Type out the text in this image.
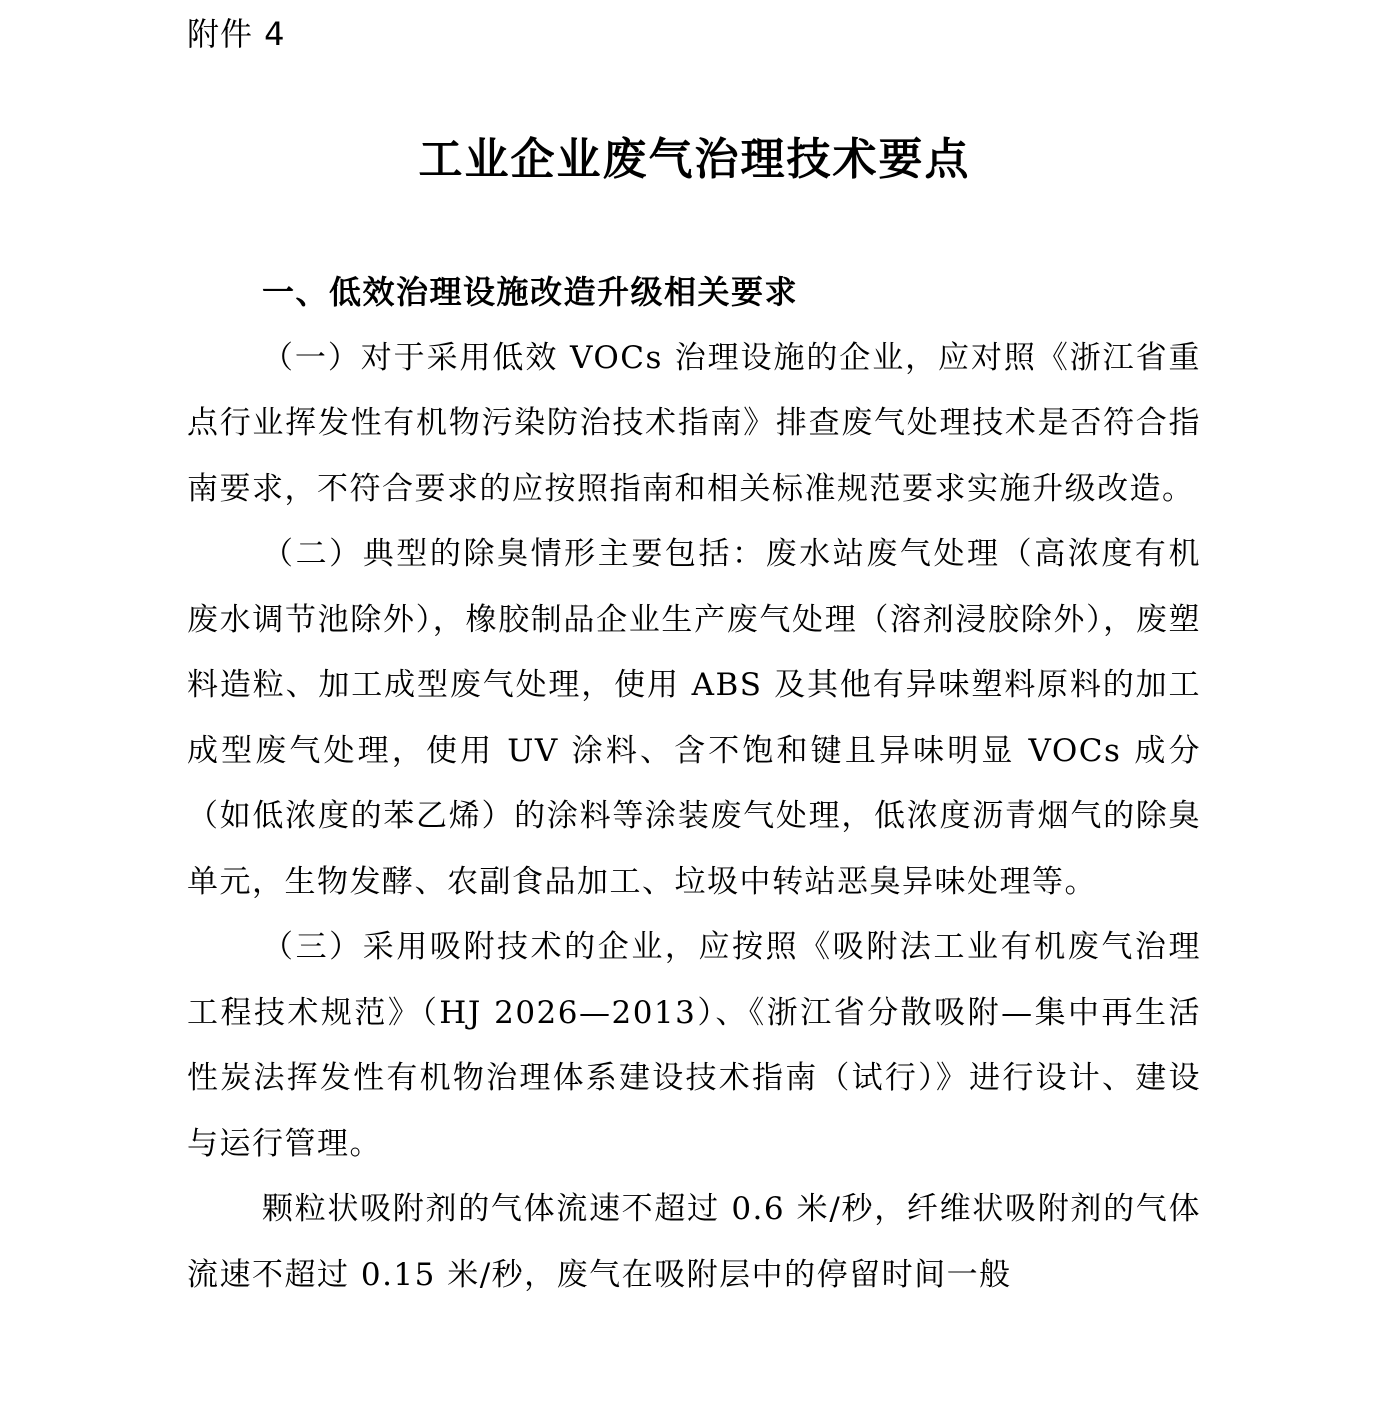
附件 4
工业企业废气治理技术要点

一、低效治理设施改造升级相关要求

（一）对于采用低效 VOCs 治理设施的企业，应对照《浙江省重点行业挥发性有机物污染防治技术指南》排查废气处理技术是否符合指南要求，不符合要求的应按照指南和相关标准规范要求实施升级改造。

（二）典型的除臭情形主要包括：废水站废气处理（高浓度有机废水调节池除外），橡胶制品企业生产废气处理（溶剂浸胶除外），废塑料造粒、加工成型废气处理，使用 ABS 及其他有异味塑料原料的加工成型废气处理，使用 UV 涂料、含不饱和键且异味明显 VOCs 成分（如低浓度的苯乙烯）的涂料等涂装废气处理，低浓度沥青烟气的除臭单元，生物发酵、农副食品加工、垃圾中转站恶臭异味处理等。

（三）采用吸附技术的企业，应按照《吸附法工业有机废气治理工程技术规范》（HJ 2026—2013）、《浙江省分散吸附—集中再生活性炭法挥发性有机物治理体系建设技术指南（试行）》进行设计、建设与运行管理。

颗粒状吸附剂的气体流速不超过 0.6 米/秒，纤维状吸附剂的气体流速不超过 0.15 米/秒，废气在吸附层中的停留时间一般
